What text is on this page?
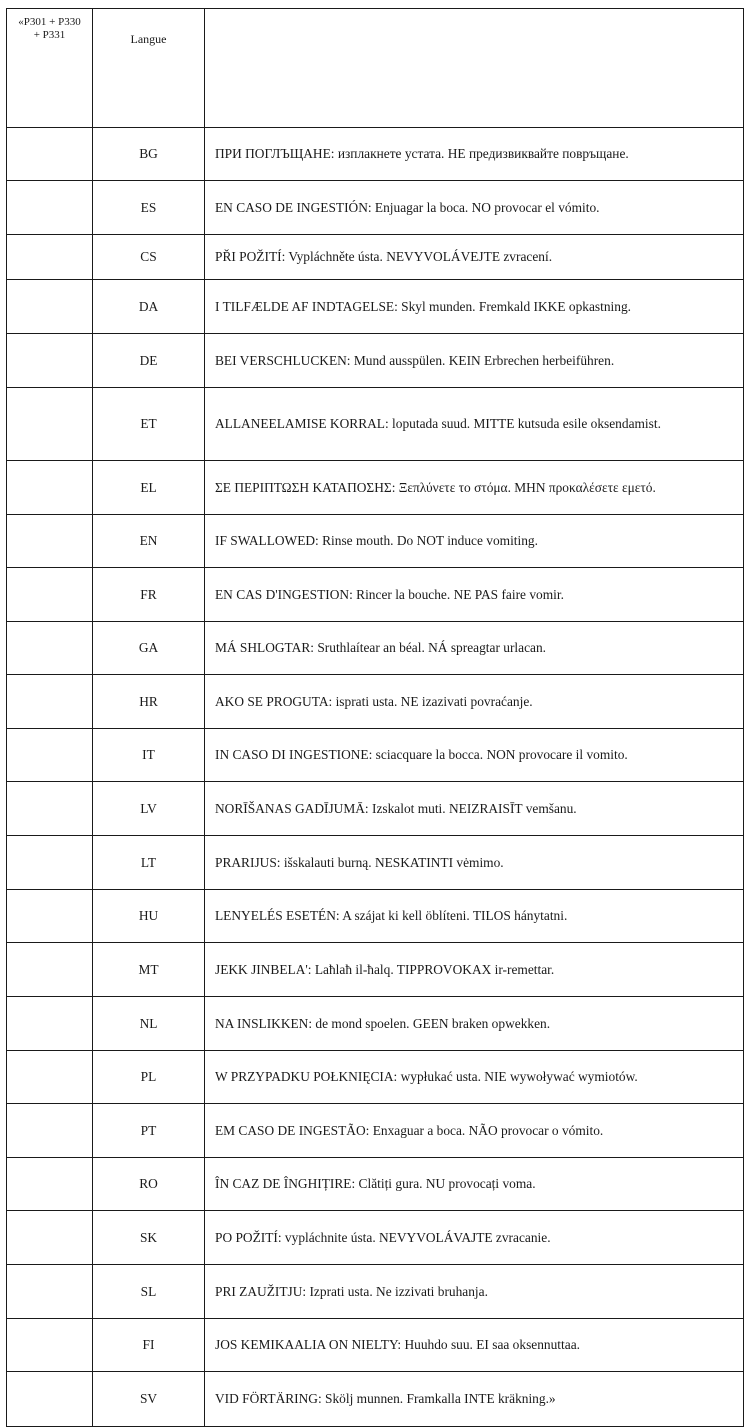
«P301 + P330 + P331	Langue	
	BG	ПРИ ПОГЛЪЩАНЕ: изплакнете устата. НЕ предизвиквайте повръщане.
	ES	EN CASO DE INGESTIÓN: Enjuagar la boca. NO provocar el vómito.
	CS	PŘI POŽITÍ: Vypláchněte ústa. NEVYVOLÁVEJTE zvracení.
	DA	I TILFÆLDE AF INDTAGELSE: Skyl munden. Fremkald IKKE opkastning.
	DE	BEI VERSCHLUCKEN: Mund ausspülen. KEIN Erbrechen herbeiführen.
	ET	ALLANEELAMISE KORRAL: loputada suud. MITTE kutsuda esile oksendamist.
	EL	ΣΕ ΠΕΡΙΠΤΩΣΗ ΚΑΤΑΠΟΣΗΣ: Ξεπλύνετε το στόμα. ΜΗΝ προκαλέσετε εμετό.
	EN	IF SWALLOWED: Rinse mouth. Do NOT induce vomiting.
	FR	EN CAS D'INGESTION: Rincer la bouche. NE PAS faire vomir.
	GA	MÁ SHLOGTAR: Sruthlaítear an béal. NÁ spreagtar urlacan.
	HR	AKO SE PROGUTA: isprati usta. NE izazivati povraćanje.
	IT	IN CASO DI INGESTIONE: sciacquare la bocca. NON provocare il vomito.
	LV	NORĪŠANAS GADĪJUMĀ: Izskalot muti. NEIZRAISĪT vemšanu.
	LT	PRARIJUS: išskalauti burną. NESKATINTI vėmimo.
	HU	LENYELÉS ESETÉN: A szájat ki kell öblíteni. TILOS hánytatni.
	MT	JEKK JINBELA': Laħlaħ il-ħalq. TIPPROVOKAX ir-remettar.
	NL	NA INSLIKKEN: de mond spoelen. GEEN braken opwekken.
	PL	W PRZYPADKU POŁKNIĘCIA: wypłukać usta. NIE wywoływać wymiotów.
	PT	EM CASO DE INGESTÃO: Enxaguar a boca. NÃO provocar o vómito.
	RO	ÎN CAZ DE ÎNGHIȚIRE: Clătiți gura. NU provocați voma.
	SK	PO POŽITÍ: vypláchnite ústa. NEVYVOLÁVAJTE zvracanie.
	SL	PRI ZAUŽITJU: Izprati usta. Ne izzivati bruhanja.
	FI	JOS KEMIKAALIA ON NIELTY: Huuhdo suu. EI saa oksennuttaa.
	SV	VID FÖRTÄRING: Skölj munnen. Framkalla INTE kräkning.»
